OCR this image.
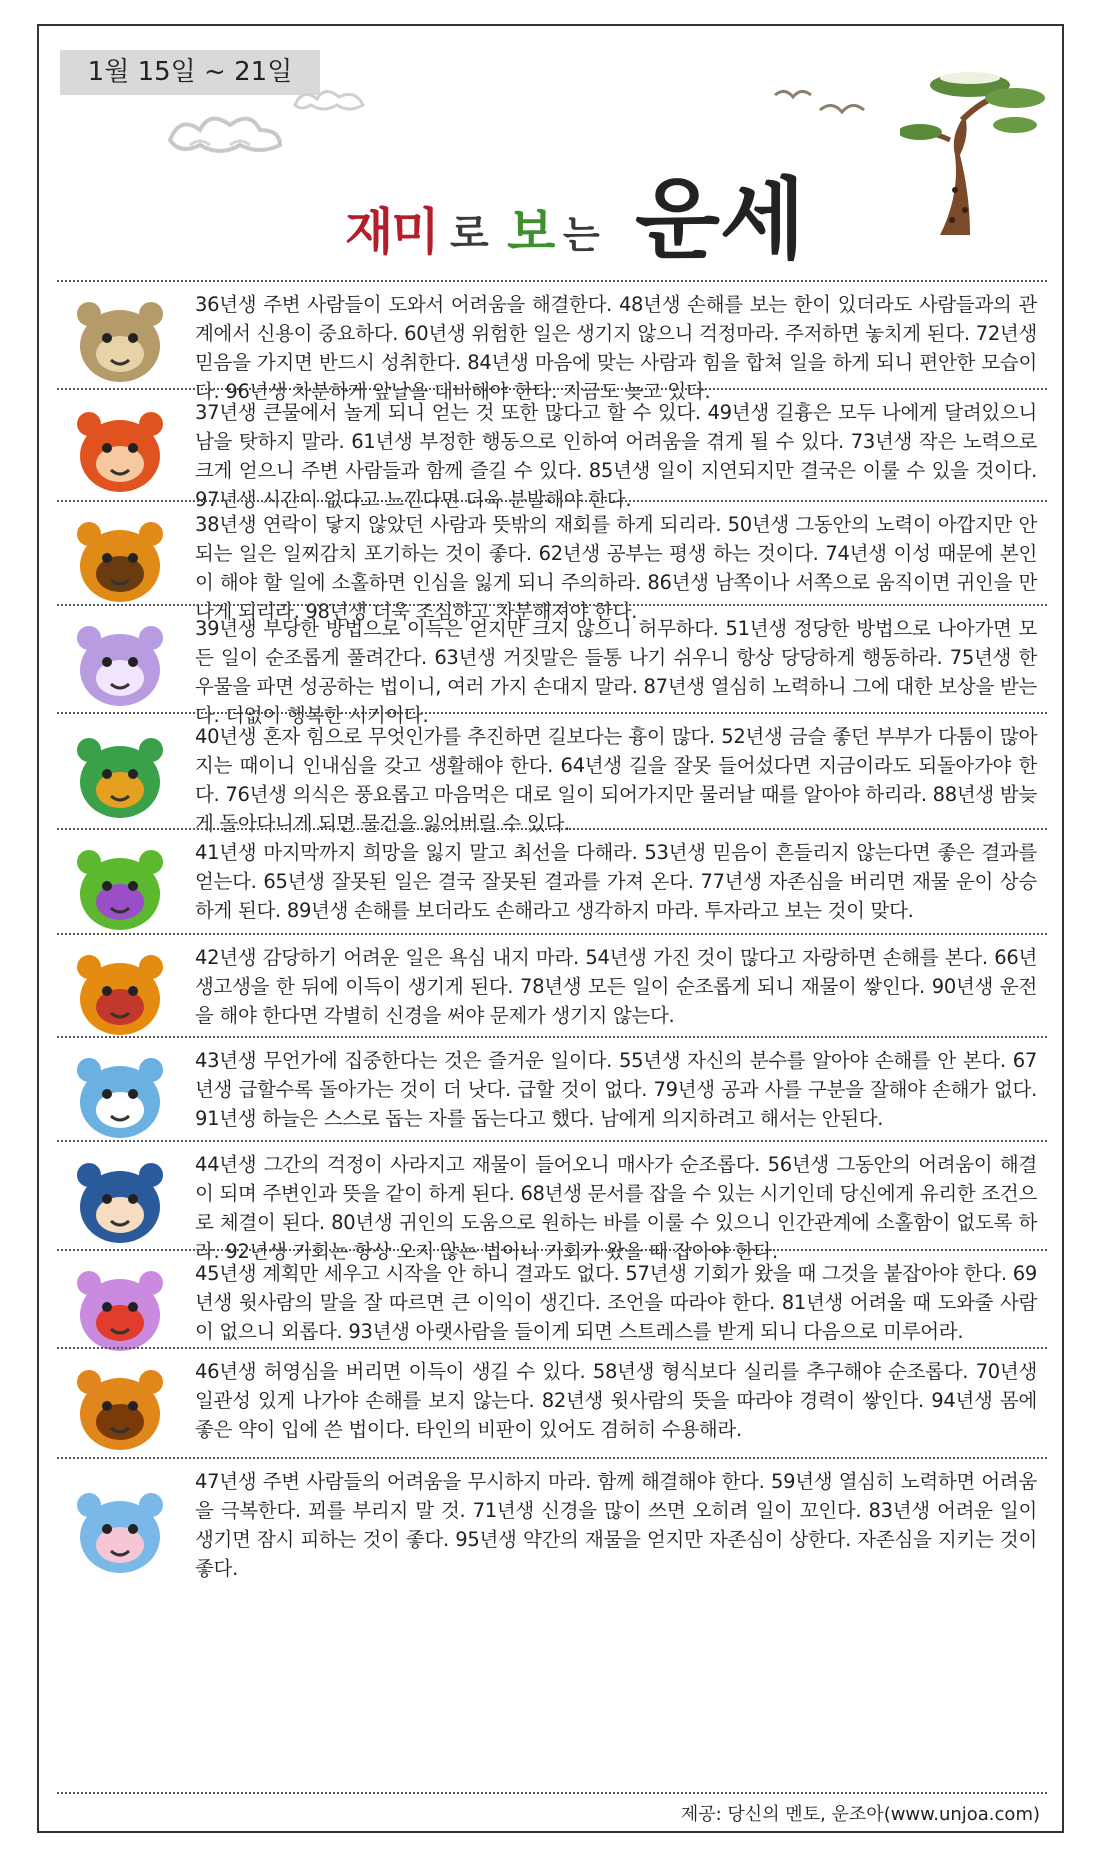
1월 15일 ~ 21일
재미 로 보 는 운세
36년생 주변 사람들이 도와서 어려움을 해결한다. 48년생 손해를 보는 한이 있더라도 사람들과의 관계에서 신용이 중요하다. 60년생 위험한 일은 생기지 않으니 걱정마라. 주저하면 놓치게 된다. 72년생 믿음을 가지면 반드시 성취한다. 84년생 마음에 맞는 사람과 힘을 합쳐 일을 하게 되니 편안한 모습이다. 96년생 차분하게 앞날을 대비해야 한다. 지금도 늦고 있다.
37년생 큰물에서 놀게 되니 얻는 것 또한 많다고 할 수 있다. 49년생 길흉은 모두 나에게 달려있으니 남을 탓하지 말라. 61년생 부정한 행동으로 인하여 어려움을 겪게 될 수 있다. 73년생 작은 노력으로 크게 얻으니 주변 사람들과 함께 즐길 수 있다. 85년생 일이 지연되지만 결국은 이룰 수 있을 것이다. 97년생 시간이 없다고 느낀다면 더욱 분발해야 한다.
38년생 연락이 닿지 않았던 사람과 뜻밖의 재회를 하게 되리라. 50년생 그동안의 노력이 아깝지만 안 되는 일은 일찌감치 포기하는 것이 좋다. 62년생 공부는 평생 하는 것이다. 74년생 이성 때문에 본인이 해야 할 일에 소홀하면 인심을 잃게 되니 주의하라. 86년생 남쪽이나 서쪽으로 움직이면 귀인을 만나게 되리라. 98년생 더욱 조심하고 차분해져야 한다.
39년생 부당한 방법으로 이득은 얻지만 크지 않으니 허무하다. 51년생 정당한 방법으로 나아가면 모든 일이 순조롭게 풀려간다. 63년생 거짓말은 들통 나기 쉬우니 항상 당당하게 행동하라. 75년생 한 우물을 파면 성공하는 법이니, 여러 가지 손대지 말라. 87년생 열심히 노력하니 그에 대한 보상을 받는다. 더없이 행복한 시기이다.
40년생 혼자 힘으로 무엇인가를 추진하면 길보다는 흉이 많다. 52년생 금슬 좋던 부부가 다툼이 많아지는 때이니 인내심을 갖고 생활해야 한다. 64년생 길을 잘못 들어섰다면 지금이라도 되돌아가야 한다. 76년생 의식은 풍요롭고 마음먹은 대로 일이 되어가지만 물러날 때를 알아야 하리라. 88년생 밤늦게 돌아다니게 되면 물건을 잃어버릴 수 있다.
41년생 마지막까지 희망을 잃지 말고 최선을 다해라. 53년생 믿음이 흔들리지 않는다면 좋은 결과를 얻는다. 65년생 잘못된 일은 결국 잘못된 결과를 가져 온다. 77년생 자존심을 버리면 재물 운이 상승하게 된다. 89년생 손해를 보더라도 손해라고 생각하지 마라. 투자라고 보는 것이 맞다.
42년생 감당하기 어려운 일은 욕심 내지 마라. 54년생 가진 것이 많다고 자랑하면 손해를 본다. 66년 생고생을 한 뒤에 이득이 생기게 된다. 78년생 모든 일이 순조롭게 되니 재물이 쌓인다. 90년생 운전을 해야 한다면 각별히 신경을 써야 문제가 생기지 않는다.
43년생 무언가에 집중한다는 것은 즐거운 일이다. 55년생 자신의 분수를 알아야 손해를 안 본다. 67년생 급할수록 돌아가는 것이 더 낫다. 급할 것이 없다. 79년생 공과 사를 구분을 잘해야 손해가 없다. 91년생 하늘은 스스로 돕는 자를 돕는다고 했다. 남에게 의지하려고 해서는 안된다.
44년생 그간의 걱정이 사라지고 재물이 들어오니 매사가 순조롭다. 56년생 그동안의 어려움이 해결이 되며 주변인과 뜻을 같이 하게 된다. 68년생 문서를 잡을 수 있는 시기인데 당신에게 유리한 조건으로 체결이 된다. 80년생 귀인의 도움으로 원하는 바를 이룰 수 있으니 인간관계에 소홀함이 없도록 하라. 92년생 기회는 항상 오지 않는 법이니 기회가 왔을 때 잡아야 한다.
45년생 계획만 세우고 시작을 안 하니 결과도 없다. 57년생 기회가 왔을 때 그것을 붙잡아야 한다. 69년생 윗사람의 말을 잘 따르면 큰 이익이 생긴다. 조언을 따라야 한다. 81년생 어려울 때 도와줄 사람이 없으니 외롭다. 93년생 아랫사람을 들이게 되면 스트레스를 받게 되니 다음으로 미루어라.
46년생 허영심을 버리면 이득이 생길 수 있다. 58년생 형식보다 실리를 추구해야 순조롭다. 70년생 일관성 있게 나가야 손해를 보지 않는다. 82년생 윗사람의 뜻을 따라야 경력이 쌓인다. 94년생 몸에 좋은 약이 입에 쓴 법이다. 타인의 비판이 있어도 겸허히 수용해라.
47년생 주변 사람들의 어려움을 무시하지 마라. 함께 해결해야 한다. 59년생 열심히 노력하면 어려움을 극복한다. 꾀를 부리지 말 것. 71년생 신경을 많이 쓰면 오히려 일이 꼬인다. 83년생 어려운 일이 생기면 잠시 피하는 것이 좋다. 95년생 약간의 재물을 얻지만 자존심이 상한다. 자존심을 지키는 것이 좋다.
제공: 당신의 멘토, 운조아(www.unjoa.com)
